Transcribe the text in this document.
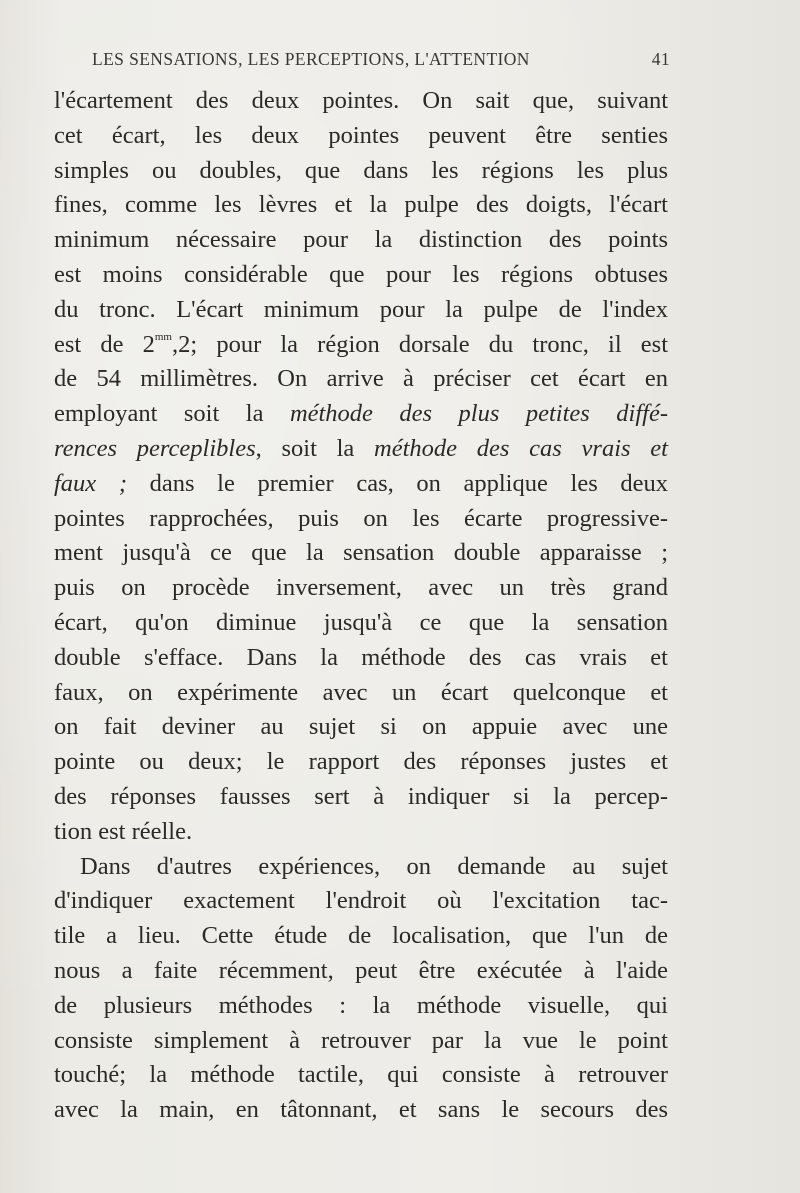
LES SENSATIONS, LES PERCEPTIONS, L'ATTENTION	41
l'écartement des deux pointes. On sait que, suivant
cet écart, les deux pointes peuvent être senties
simples ou doubles, que dans les régions les plus
fines, comme les lèvres et la pulpe des doigts, l'écart
minimum nécessaire pour la distinction des points
est moins considérable que pour les régions obtuses
du tronc. L'écart minimum pour la pulpe de l'index
est de $2^{mm},2$; pour la région dorsale du tronc, il est
de 54 millimètres. On arrive à préciser cet écart en
employant soit la méthode des plus petites diffé-
rences perceplibles, soit la méthode des cas vrais et
faux ; dans le premier cas, on applique les deux
pointes rapprochées, puis on les écarte progressive-
ment jusqu'à ce que la sensation double apparaisse ;
puis on procède inversement, avec un très grand
écart, qu'on diminue jusqu'à ce que la sensation
double s'efface. Dans la méthode des cas vrais et
faux, on expérimente avec un écart quelconque et
on fait deviner au sujet si on appuie avec une
pointe ou deux; le rapport des réponses justes et
des réponses fausses sert à indiquer si la percep-
tion est réelle.
Dans d'autres expériences, on demande au sujet
d'indiquer exactement l'endroit où l'excitation tac-
tile a lieu. Cette étude de localisation, que l'un de
nous a faite récemment, peut être exécutée à l'aide
de plusieurs méthodes : la méthode visuelle, qui
consiste simplement à retrouver par la vue le point
touché; la méthode tactile, qui consiste à retrouver
avec la main, en tâtonnant, et sans le secours des
